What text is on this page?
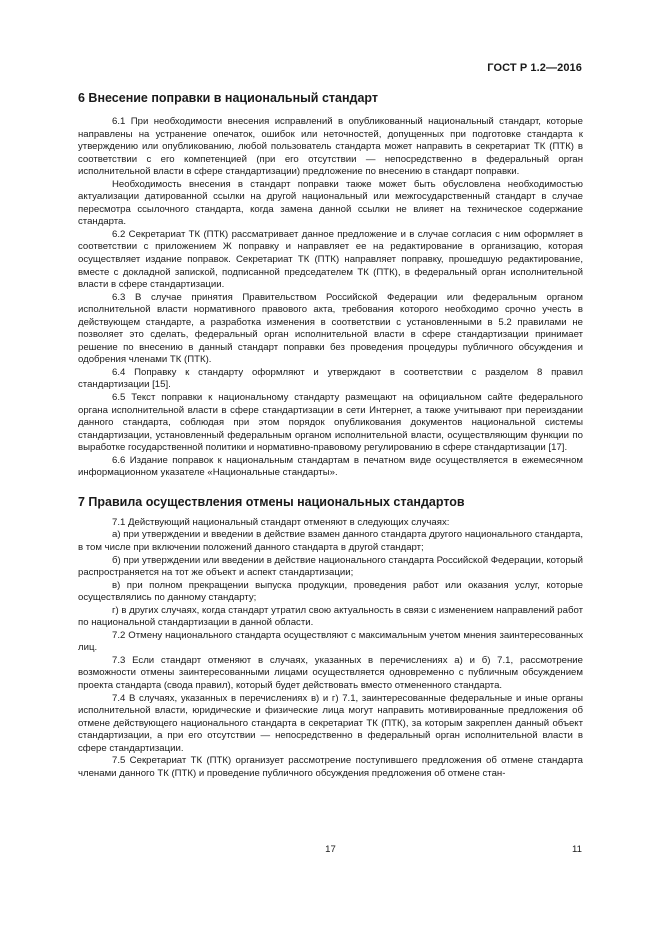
ГОСТ Р 1.2—2016
6 Внесение поправки в национальный стандарт

6.1 При необходимости внесения исправлений в опубликованный национальный стандарт, которые направлены на устранение опечаток, ошибок или неточностей, допущенных при подготовке стандарта к утверждению или опубликованию, любой пользователь стандарта может направить в секретариат ТК (ПТК) в соответствии с его компетенцией (при его отсутствии — непосредственно в федеральный орган исполнительной власти в сфере стандартизации) предложение по внесению в стандарт поправки.

Необходимость внесения в стандарт поправки также может быть обусловлена необходимостью актуализации датированной ссылки на другой национальный или межгосударственный стандарт в случае пересмотра ссылочного стандарта, когда замена данной ссылки не влияет на техническое содержание стандарта.

6.2 Секретариат ТК (ПТК) рассматривает данное предложение и в случае согласия с ним оформляет в соответствии с приложением Ж поправку и направляет ее на редактирование в организацию, которая осуществляет издание поправок. Секретариат ТК (ПТК) направляет поправку, прошедшую редактирование, вместе с докладной запиской, подписанной председателем ТК (ПТК), в федеральный орган исполнительной власти в сфере стандартизации.

6.3 В случае принятия Правительством Российской Федерации или федеральным органом исполнительной власти нормативного правового акта, требования которого необходимо срочно учесть в действующем стандарте, а разработка изменения в соответствии с установленными в 5.2 правилами не позволяет это сделать, федеральный орган исполнительной власти в сфере стандартизации принимает решение по внесению в данный стандарт поправки без проведения процедуры публичного обсуждения и одобрения членами ТК (ПТК).

6.4 Поправку к стандарту оформляют и утверждают в соответствии с разделом 8 правил стандартизации [15].

6.5 Текст поправки к национальному стандарту размещают на официальном сайте федерального органа исполнительной власти в сфере стандартизации в сети Интернет, а также учитывают при переиздании данного стандарта, соблюдая при этом порядок опубликования документов национальной системы стандартизации, установленный федеральным органом исполнительной власти, осуществляющим функции по выработке государственной политики и нормативно-правовому регулированию в сфере стандартизации [17].

6.6 Издание поправок к национальным стандартам в печатном виде осуществляется в ежемесячном информационном указателе «Национальные стандарты».

7 Правила осуществления отмены национальных стандартов

7.1 Действующий национальный стандарт отменяют в следующих случаях:

а) при утверждении и введении в действие взамен данного стандарта другого национального стандарта, в том числе при включении положений данного стандарта в другой стандарт;

б) при утверждении или введении в действие национального стандарта Российской Федерации, который распространяется на тот же объект и аспект стандартизации;

в) при полном прекращении выпуска продукции, проведения работ или оказания услуг, которые осуществлялись по данному стандарту;

г) в других случаях, когда стандарт утратил свою актуальность в связи с изменением направлений работ по национальной стандартизации в данной области.

7.2 Отмену национального стандарта осуществляют с максимальным учетом мнения заинтересованных лиц.

7.3 Если стандарт отменяют в случаях, указанных в перечислениях а) и б) 7.1, рассмотрение возможности отмены заинтересованными лицами осуществляется одновременно с публичным обсуждением проекта стандарта (свода правил), который будет действовать вместо отмененного стандарта.

7.4 В случаях, указанных в перечислениях в) и г) 7.1, заинтересованные федеральные и иные органы исполнительной власти, юридические и физические лица могут направить мотивированные предложения об отмене действующего национального стандарта в секретариат ТК (ПТК), за которым закреплен данный объект стандартизации, а при его отсутствии — непосредственно в федеральный орган исполнительной власти в сфере стандартизации.

7.5 Секретариат ТК (ПТК) организует рассмотрение поступившего предложения об отмене стандарта членами данного ТК (ПТК) и проведение публичного обсуждения предложения об отмене стан-

17	11
